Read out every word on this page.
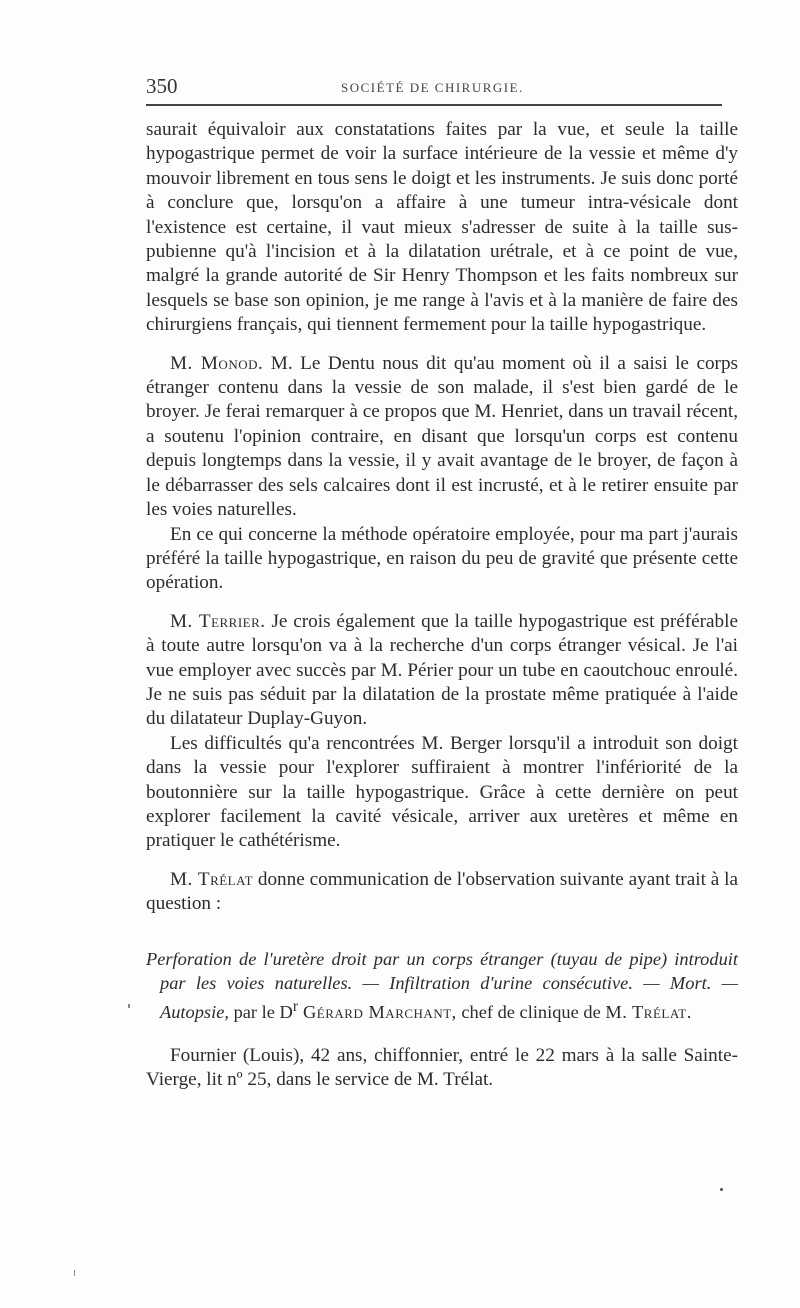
350	SOCIÉTÉ DE CHIRURGIE.

saurait équivaloir aux constatations faites par la vue, et seule la taille hypogastrique permet de voir la surface intérieure de la vessie et même d'y mouvoir librement en tous sens le doigt et les instruments. Je suis donc porté à conclure que, lorsqu'on a affaire à une tumeur intra-vésicale dont l'existence est certaine, il vaut mieux s'adresser de suite à la taille sus-pubienne qu'à l'incision et à la dilatation urétrale, et à ce point de vue, malgré la grande autorité de Sir Henry Thompson et les faits nombreux sur lesquels se base son opinion, je me range à l'avis et à la manière de faire des chirurgiens français, qui tiennent fermement pour la taille hypogastrique.

M. Monod. M. Le Dentu nous dit qu'au moment où il a saisi le corps étranger contenu dans la vessie de son malade, il s'est bien gardé de le broyer. Je ferai remarquer à ce propos que M. Henriet, dans un travail récent, a soutenu l'opinion contraire, en disant que lorsqu'un corps est contenu depuis longtemps dans la vessie, il y avait avantage de le broyer, de façon à le débarrasser des sels calcaires dont il est incrusté, et à le retirer ensuite par les voies naturelles.

En ce qui concerne la méthode opératoire employée, pour ma part j'aurais préféré la taille hypogastrique, en raison du peu de gravité que présente cette opération.

M. Terrier. Je crois également que la taille hypogastrique est préférable à toute autre lorsqu'on va à la recherche d'un corps étranger vésical. Je l'ai vue employer avec succès par M. Périer pour un tube en caoutchouc enroulé. Je ne suis pas séduit par la dilatation de la prostate même pratiquée à l'aide du dilatateur Duplay-Guyon.

Les difficultés qu'a rencontrées M. Berger lorsqu'il a introduit son doigt dans la vessie pour l'explorer suffiraient à montrer l'infériorité de la boutonnière sur la taille hypogastrique. Grâce à cette dernière on peut explorer facilement la cavité vésicale, arriver aux uretères et même en pratiquer le cathétérisme.

M. Trélat donne communication de l'observation suivante ayant trait à la question :

Perforation de l'uretère droit par un corps étranger (tuyau de pipe) introduit par les voies naturelles. — Infiltration d'urine consécutive. — Mort. — Autopsie, par le $D^r$ Gérard Marchant, chef de clinique de M. Trélat.

Fournier (Louis), 42 ans, chiffonnier, entré le 22 mars à la salle Sainte-Vierge, lit nº 25, dans le service de M. Trélat.
